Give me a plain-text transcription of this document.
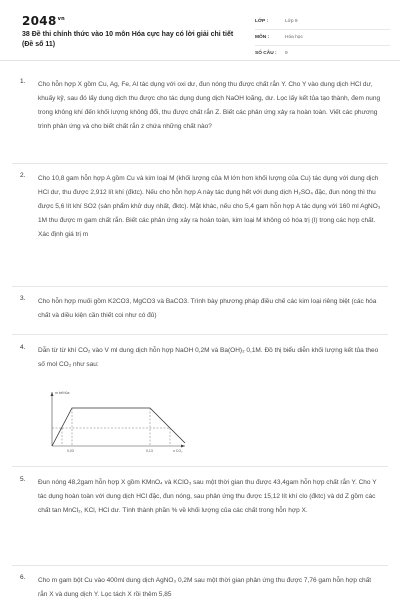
$2048^{vn}$
38 Đề thi chính thức vào 10 môn Hóa cực hay có lời giải chi tiết (Đề số 11)
LỚP :	Lớp 9
MÔN :	Hóa học
SỐ CÂU :	9
1. Cho hỗn hợp X gồm Cu, Ag, Fe, Al tác dụng với oxi dư, đun nóng thu được chất rắn Y. Cho Y vào dung dịch HCl dư, khuấy kỹ, sau đó lấy dung dịch thu được cho tác dụng dung dịch NaOH loãng, dư. Lọc lấy kết tủa tạo thành, đem nung trong không khí đến khối lượng không đổi, thu được chất rắn Z. Biết các phản ứng xảy ra hoàn toàn. Viết các phương trình phản ứng và cho biết chất rắn z chứa những chất nào?
2. Cho 10,8 gam hỗn hợp A gồm Cu và kim loại M (khối lượng của M lớn hơn khối lượng của Cu) tác dụng với dung dịch HCl dư, thu được 2,912 lít khí (đktc). Nếu cho hỗn hợp A này tác dụng hết với dung dịch H₂SO₄ đặc, đun nóng thì thu được 5,6 lít khí SO2 (sản phẩm khử duy nhất, đktc). Mặt khác, nếu cho 5,4 gam hỗn hợp A tác dụng với 160 ml AgNO₃ 1M thu được m gam chất rắn. Biết các phản ứng xảy ra hoàn toàn, kim loại M không có hóa trị (I) trong các hợp chất. Xác định giá trị m
3. Cho hỗn hợp muối gồm K2CO3, MgCO3 và BaCO3. Trình bày phương pháp điều chế các kim loại riêng biệt (các hóa chất và diều kiện cần thiết coi như có đủ)
4. Dẫn từ từ khí CO₂ vào V ml dung dịch hỗn hợp NaOH 0,2M và Ba(OH)₂ 0,1M. Đồ thị biểu diễn khối lượng kết tủa theo số mol CO₂ như sau:
m kết tủa
n CO₂
0,03	0,13
5. Đun nóng 48,2gam hỗn hợp X gồm KMnO₄ và KClO₃ sau một thời gian thu được 43,4gam hỗn hợp chất rắn Y. Cho Y tác dụng hoàn toàn với dung dịch HCl đặc, đun nóng, sau phản ứng thu được 15,12 lít khí clo (đktc) và dd Z gồm các chất tan MnCl₂, KCl, HCl dư. Tính thành phần % về khối lượng của các chất trong hỗn hợp X.
6. Cho m gam bột Cu vào 400ml dung dịch AgNO₃ 0,2M sau một thời gian phản ứng thu được 7,76 gam hỗn hợp chất rắn X và dung dịch Y. Lọc tách X rồi thêm 5,85
